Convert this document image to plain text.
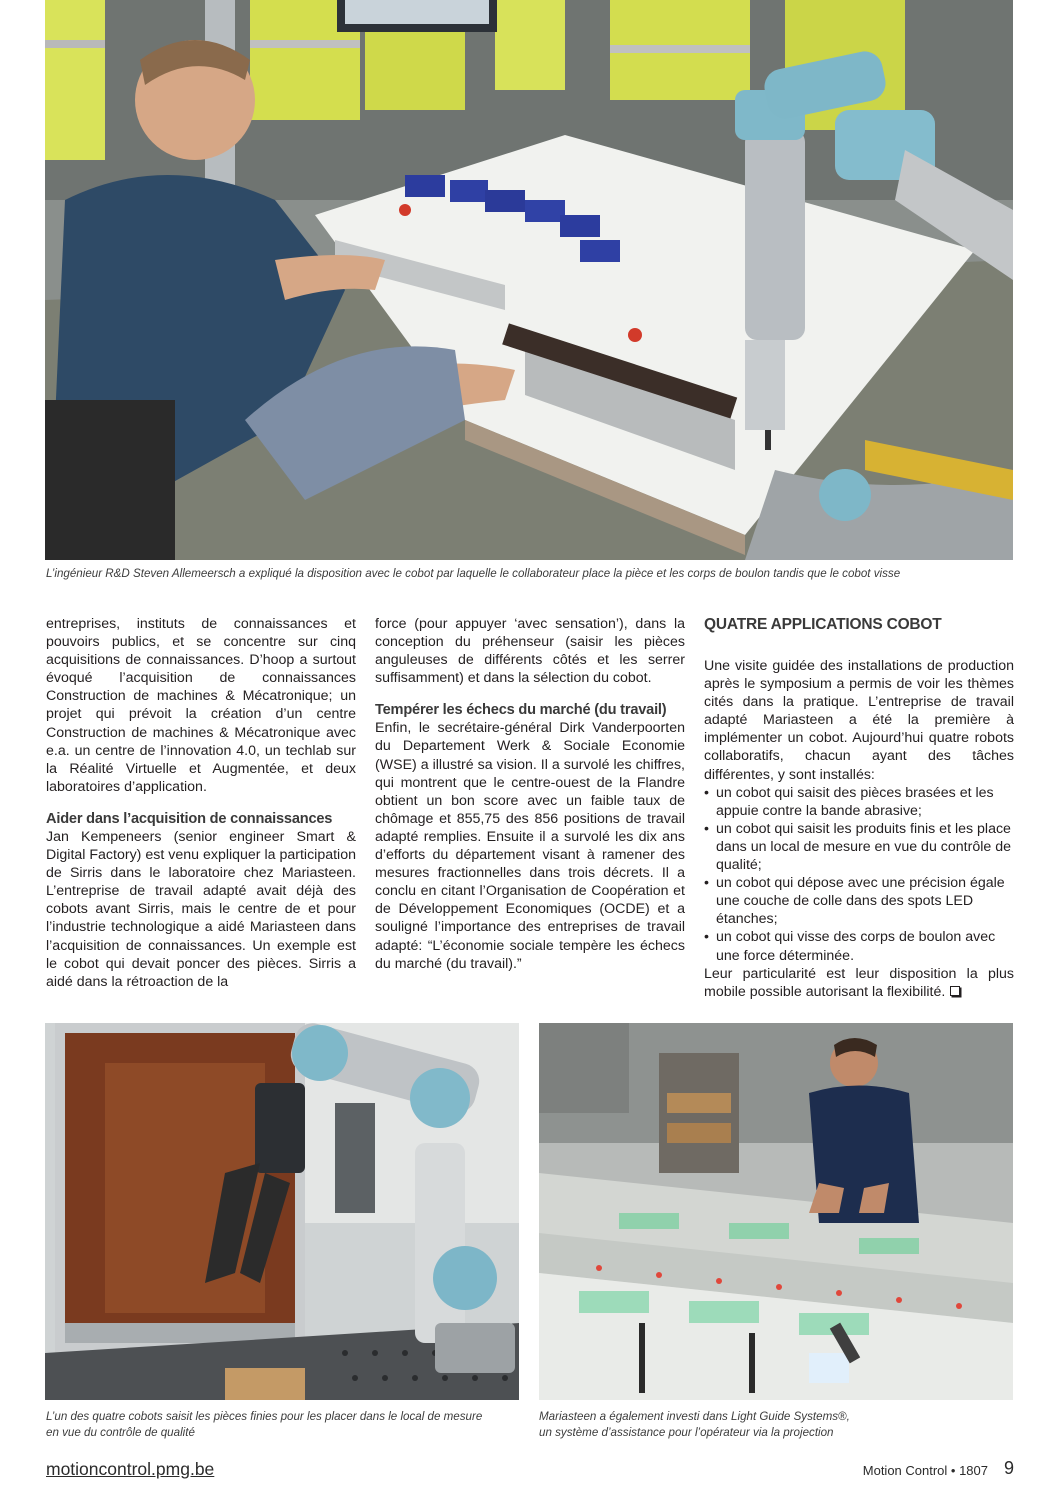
L’ingénieur R&D Steven Allemeersch a expliqué la disposition avec le cobot par laquelle le collaborateur place la pièce et les corps de boulon tandis que le cobot visse

entreprises, instituts de connaissances et pouvoirs publics, et se concentre sur cinq acquisitions de connaissances. D’hoop a surtout évoqué l’acquisition de connaissances Construction de machines & Mécatronique; un projet qui prévoit la création d’un centre Construction de machines & Mécatronique avec e.a. un centre de l’innovation 4.0, un techlab sur la Réalité Virtuelle et Augmentée, et deux laboratoires d’application.

Aider dans l’acquisition de connaissances

Jan Kempeneers (senior engineer Smart & Digital Factory) est venu expliquer la participation de Sirris dans le laboratoire chez Mariasteen. L’entreprise de travail adapté avait déjà des cobots avant Sirris, mais le centre de et pour l’industrie technologique a aidé Mariasteen dans l’acquisition de connaissances. Un exemple est le cobot qui devait poncer des pièces. Sirris a aidé dans la rétroaction de la

force (pour appuyer ‘avec sensation’), dans la conception du préhenseur (saisir les pièces anguleuses de différents côtés et les serrer suffisamment) et dans la sélection du cobot.

Tempérer les échecs du marché (du travail)

Enfin, le secrétaire-général Dirk Vanderpoorten du Departement Werk & Sociale Economie (WSE) a illustré sa vision. Il a survolé les chiffres, qui montrent que le centre-ouest de la Flandre obtient un bon score avec un faible taux de chômage et 855,75 des 856 positions de travail adapté remplies. Ensuite il a survolé les dix ans d’efforts du département visant à ramener des mesures fractionnelles dans trois décrets. Il a conclu en citant l’Organisation de Coopération et de Développement Economiques (OCDE) et a souligné l’importance des entreprises de travail adapté: “L’économie sociale tempère les échecs du marché (du travail).”

QUATRE APPLICATIONS COBOT

Une visite guidée des installations de production après le symposium a permis de voir les thèmes cités dans la pratique. L’entreprise de travail adapté Mariasteen a été la première à implémenter un cobot. Aujourd’hui quatre robots collaboratifs, chacun ayant des tâches différentes, y sont installés:

• un cobot qui saisit des pièces brasées et les appuie contre la bande abrasive;
• un cobot qui saisit les produits finis et les place dans un local de mesure en vue du contrôle de qualité;
• un cobot qui dépose avec une précision égale une couche de colle dans des spots LED étanches;
• un cobot qui visse des corps de boulon avec une force déterminée.

Leur particularité est leur disposition la plus mobile possible autorisant la flexibilité.

L’un des quatre cobots saisit les pièces finies pour les placer dans le local de mesure
en vue du contrôle de qualité
Mariasteen a également investi dans Light Guide Systems®,
un système d’assistance pour l’opérateur via la projection
motioncontrol.pmg.be	Motion Control • 1807 9
